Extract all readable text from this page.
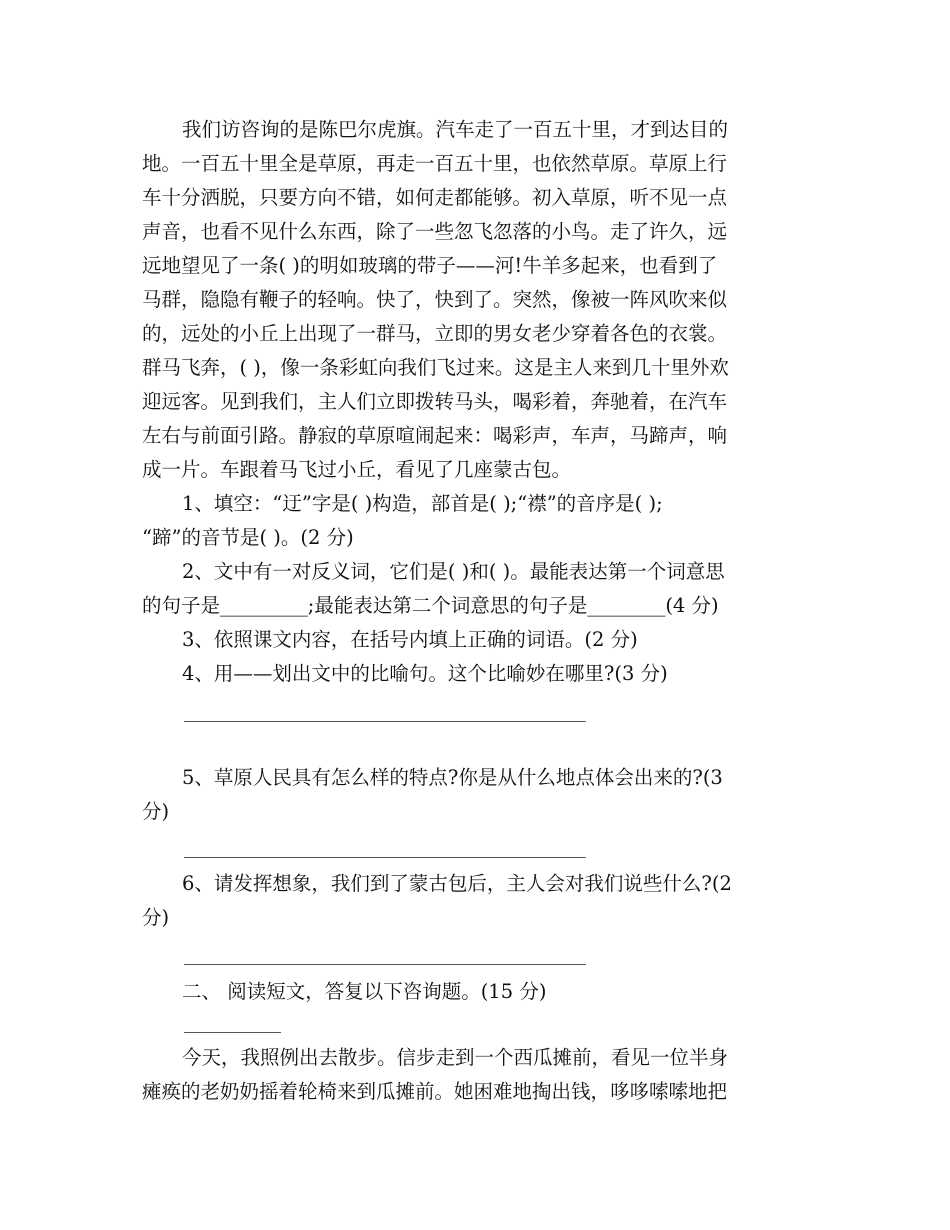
我们访咨询的是陈巴尔虎旗。汽车走了一百五十里，才到达目的
地。一百五十里全是草原，再走一百五十里，也依然草原。草原上行
车十分洒脱，只要方向不错，如何走都能够。初入草原，听不见一点
声音，也看不见什么东西，除了一些忽飞忽落的小鸟。走了许久，远
远地望见了一条( )的明如玻璃的带子——河!牛羊多起来，也看到了
马群，隐隐有鞭子的轻响。快了，快到了。突然，像被一阵风吹来似
的，远处的小丘上出现了一群马，立即的男女老少穿着各色的衣裳。
群马飞奔，( )，像一条彩虹向我们飞过来。这是主人来到几十里外欢
迎远客。见到我们，主人们立即拨转马头，喝彩着，奔驰着，在汽车
左右与前面引路。静寂的草原喧闹起来：喝彩声，车声，马蹄声，响
成一片。车跟着马飞过小丘，看见了几座蒙古包。
1、填空：“迂”字是( )构造，部首是( );“襟”的音序是( );
“蹄”的音节是( )。(2 分)
2、文中有一对反义词，它们是( )和( )。最能表达第一个词意思
的句子是_________;最能表达第二个词意思的句子是________(4 分)
3、依照课文内容，在括号内填上正确的词语。(2 分)
4、用——划出文中的比喻句。这个比喻妙在哪里?(3 分)
5、草原人民具有怎么样的特点?你是从什么地点体会出来的?(3
分)
6、请发挥想象，我们到了蒙古包后，主人会对我们说些什么?(2
分)
二、 阅读短文，答复以下咨询题。(15 分)
今天，我照例出去散步。信步走到一个西瓜摊前，看见一位半身
瘫痪的老奶奶摇着轮椅来到瓜摊前。她困难地掏出钱，哆哆嗦嗦地把
